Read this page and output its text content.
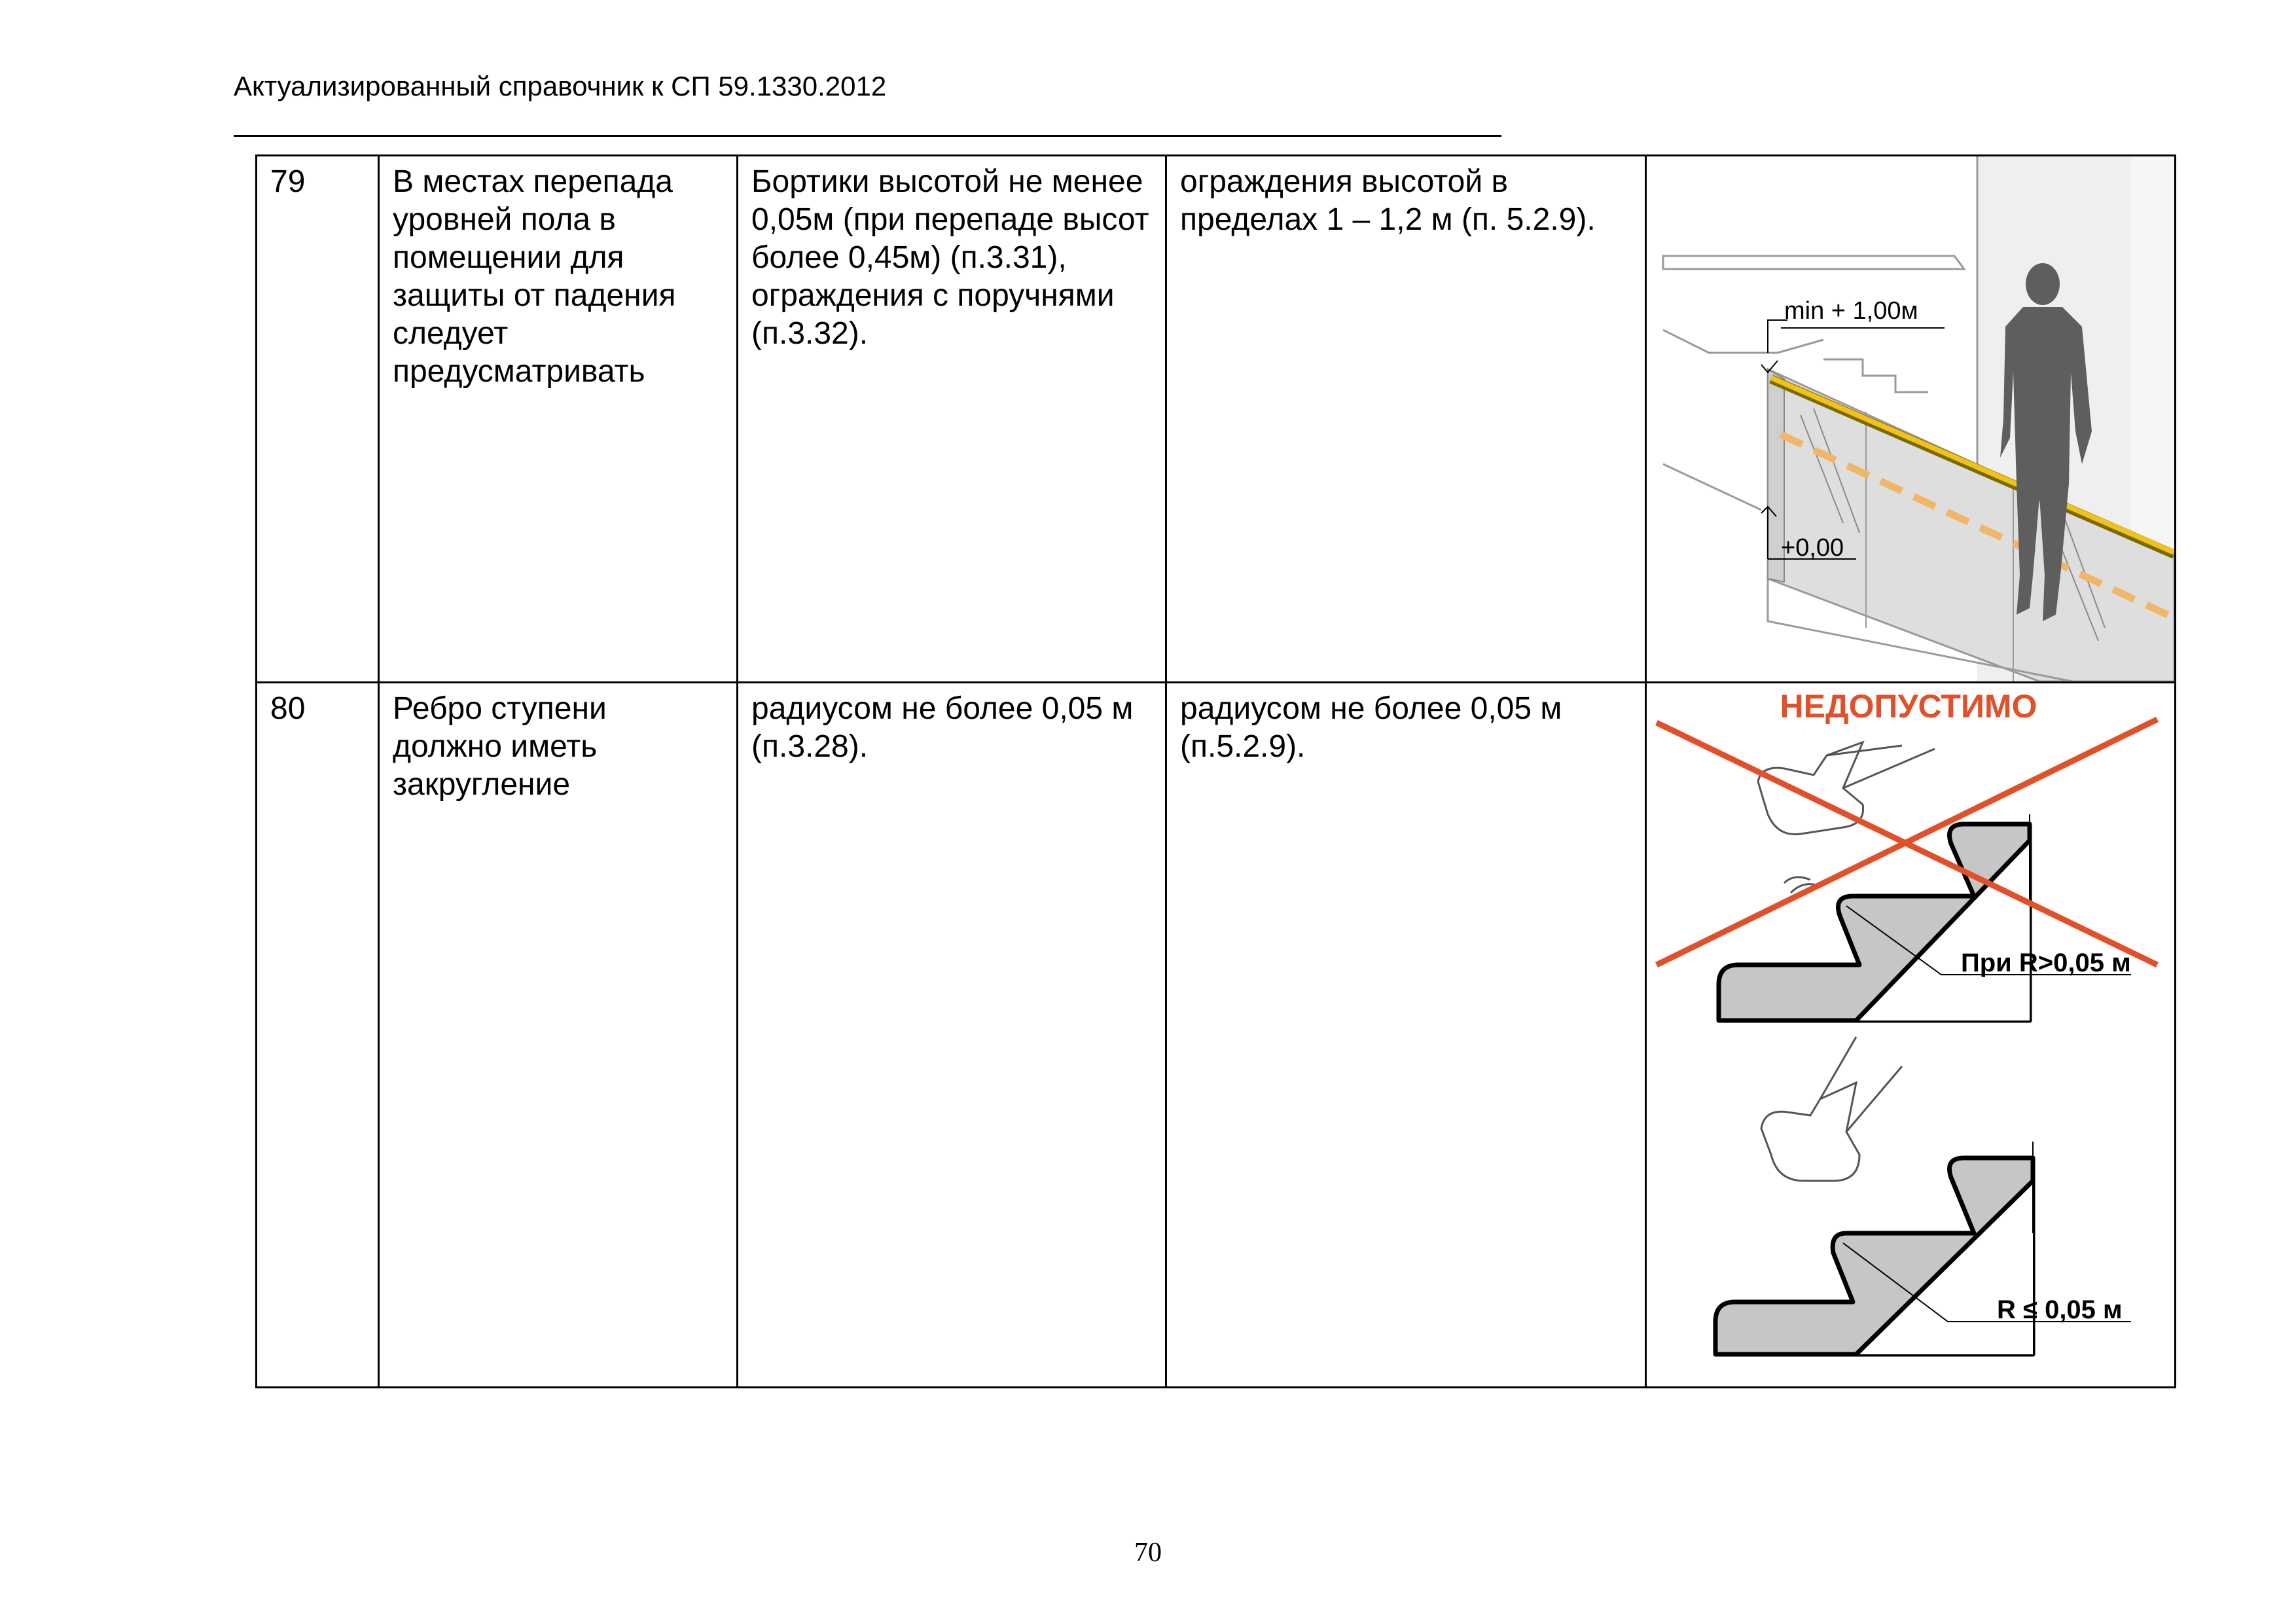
Актуализированный справочник к СП 59.1330.2012
79	В местах перепада уровней пола в помещении для защиты от падения следует предусматривать	Бортики высотой не менее 0,05м (при перепаде высот более 0,45м) (п.3.31), ограждения с поручнями (п.3.32).	ограждения высотой в пределах 1 – 1,2 м (п. 5.2.9).	min + 1,00м
+0,00

80	Ребро ступени должно иметь закругление	радиусом не более 0,05 м (п.3.28).	радиусом не более 0,05 м (п.5.2.9).	НЕДОПУСТИМО
При R>0,05 м
R ≤ 0,05 м
70
